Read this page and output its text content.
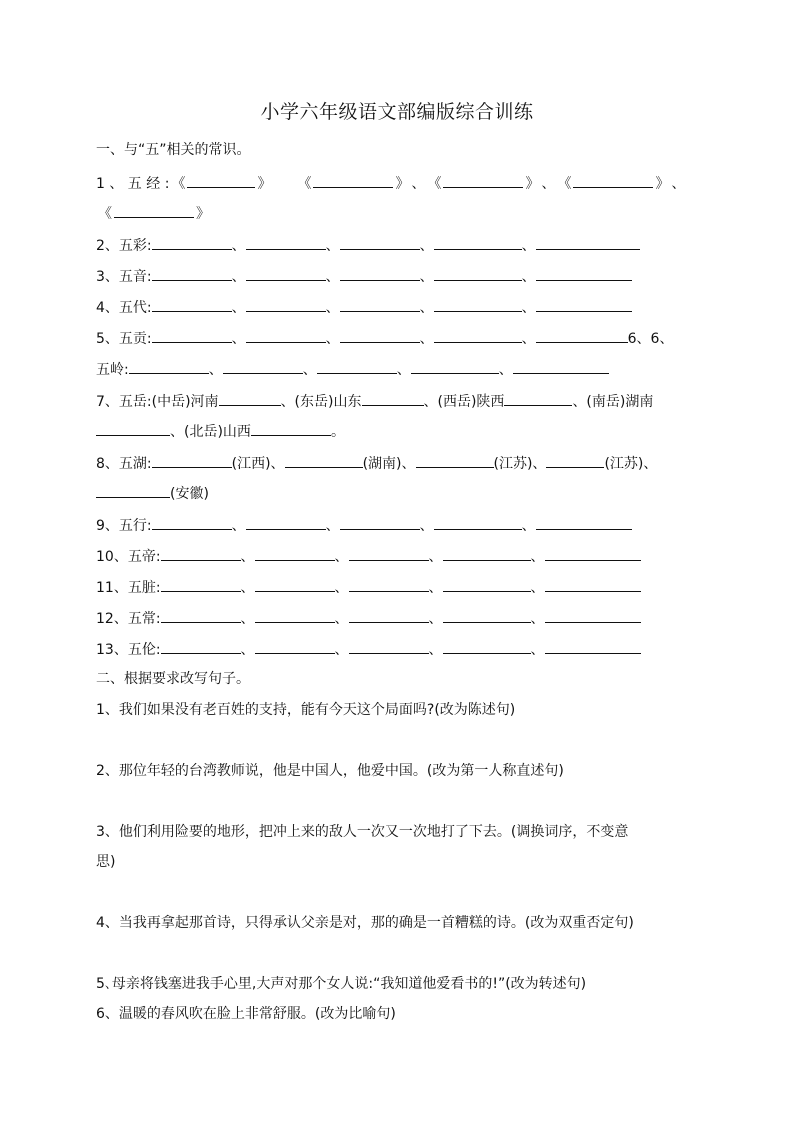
小学六年级语文部编版综合训练
一、与“五”相关的常识。
1 、 五 经 : 《	》 《	》 、 《	》 、 《	》 、
《	》
2、五彩:	、	、	、	、
3、五音:	、	、	、	、
4、五代:	、	、	、	、
5、五贡:	、	、	、	、	6、6、
五岭:	、	、	、	、
7、五岳:(中岳)河南	、(东岳)山东	、(西岳)陕西	、(南岳)湖南
、(北岳)山西	。
8、五湖:	(江西)、	(湖南)、	(江苏)、	(江苏)、
(安徽)
9、五行:	、	、	、	、
10、五帝:	、	、	、	、
11、五脏:	、	、	、	、
12、五常:	、	、	、	、
13、五伦:	、	、	、	、
二、根据要求改写句子。
1、我们如果没有老百姓的支持，能有今天这个局面吗?(改为陈述句)
2、那位年轻的台湾教师说，他是中国人，他爱中国。(改为第一人称直述句)
3、他们利用险要的地形，把冲上来的敌人一次又一次地打了下去。(调换词序，不变意
思)
4、当我再拿起那首诗，只得承认父亲是对，那的确是一首糟糕的诗。(改为双重否定句)
5､母亲将钱塞进我手心里,大声对那个女人说:“我知道他爱看书的!”(改为转述句)
6、温暖的春风吹在脸上非常舒服。(改为比喻句)
